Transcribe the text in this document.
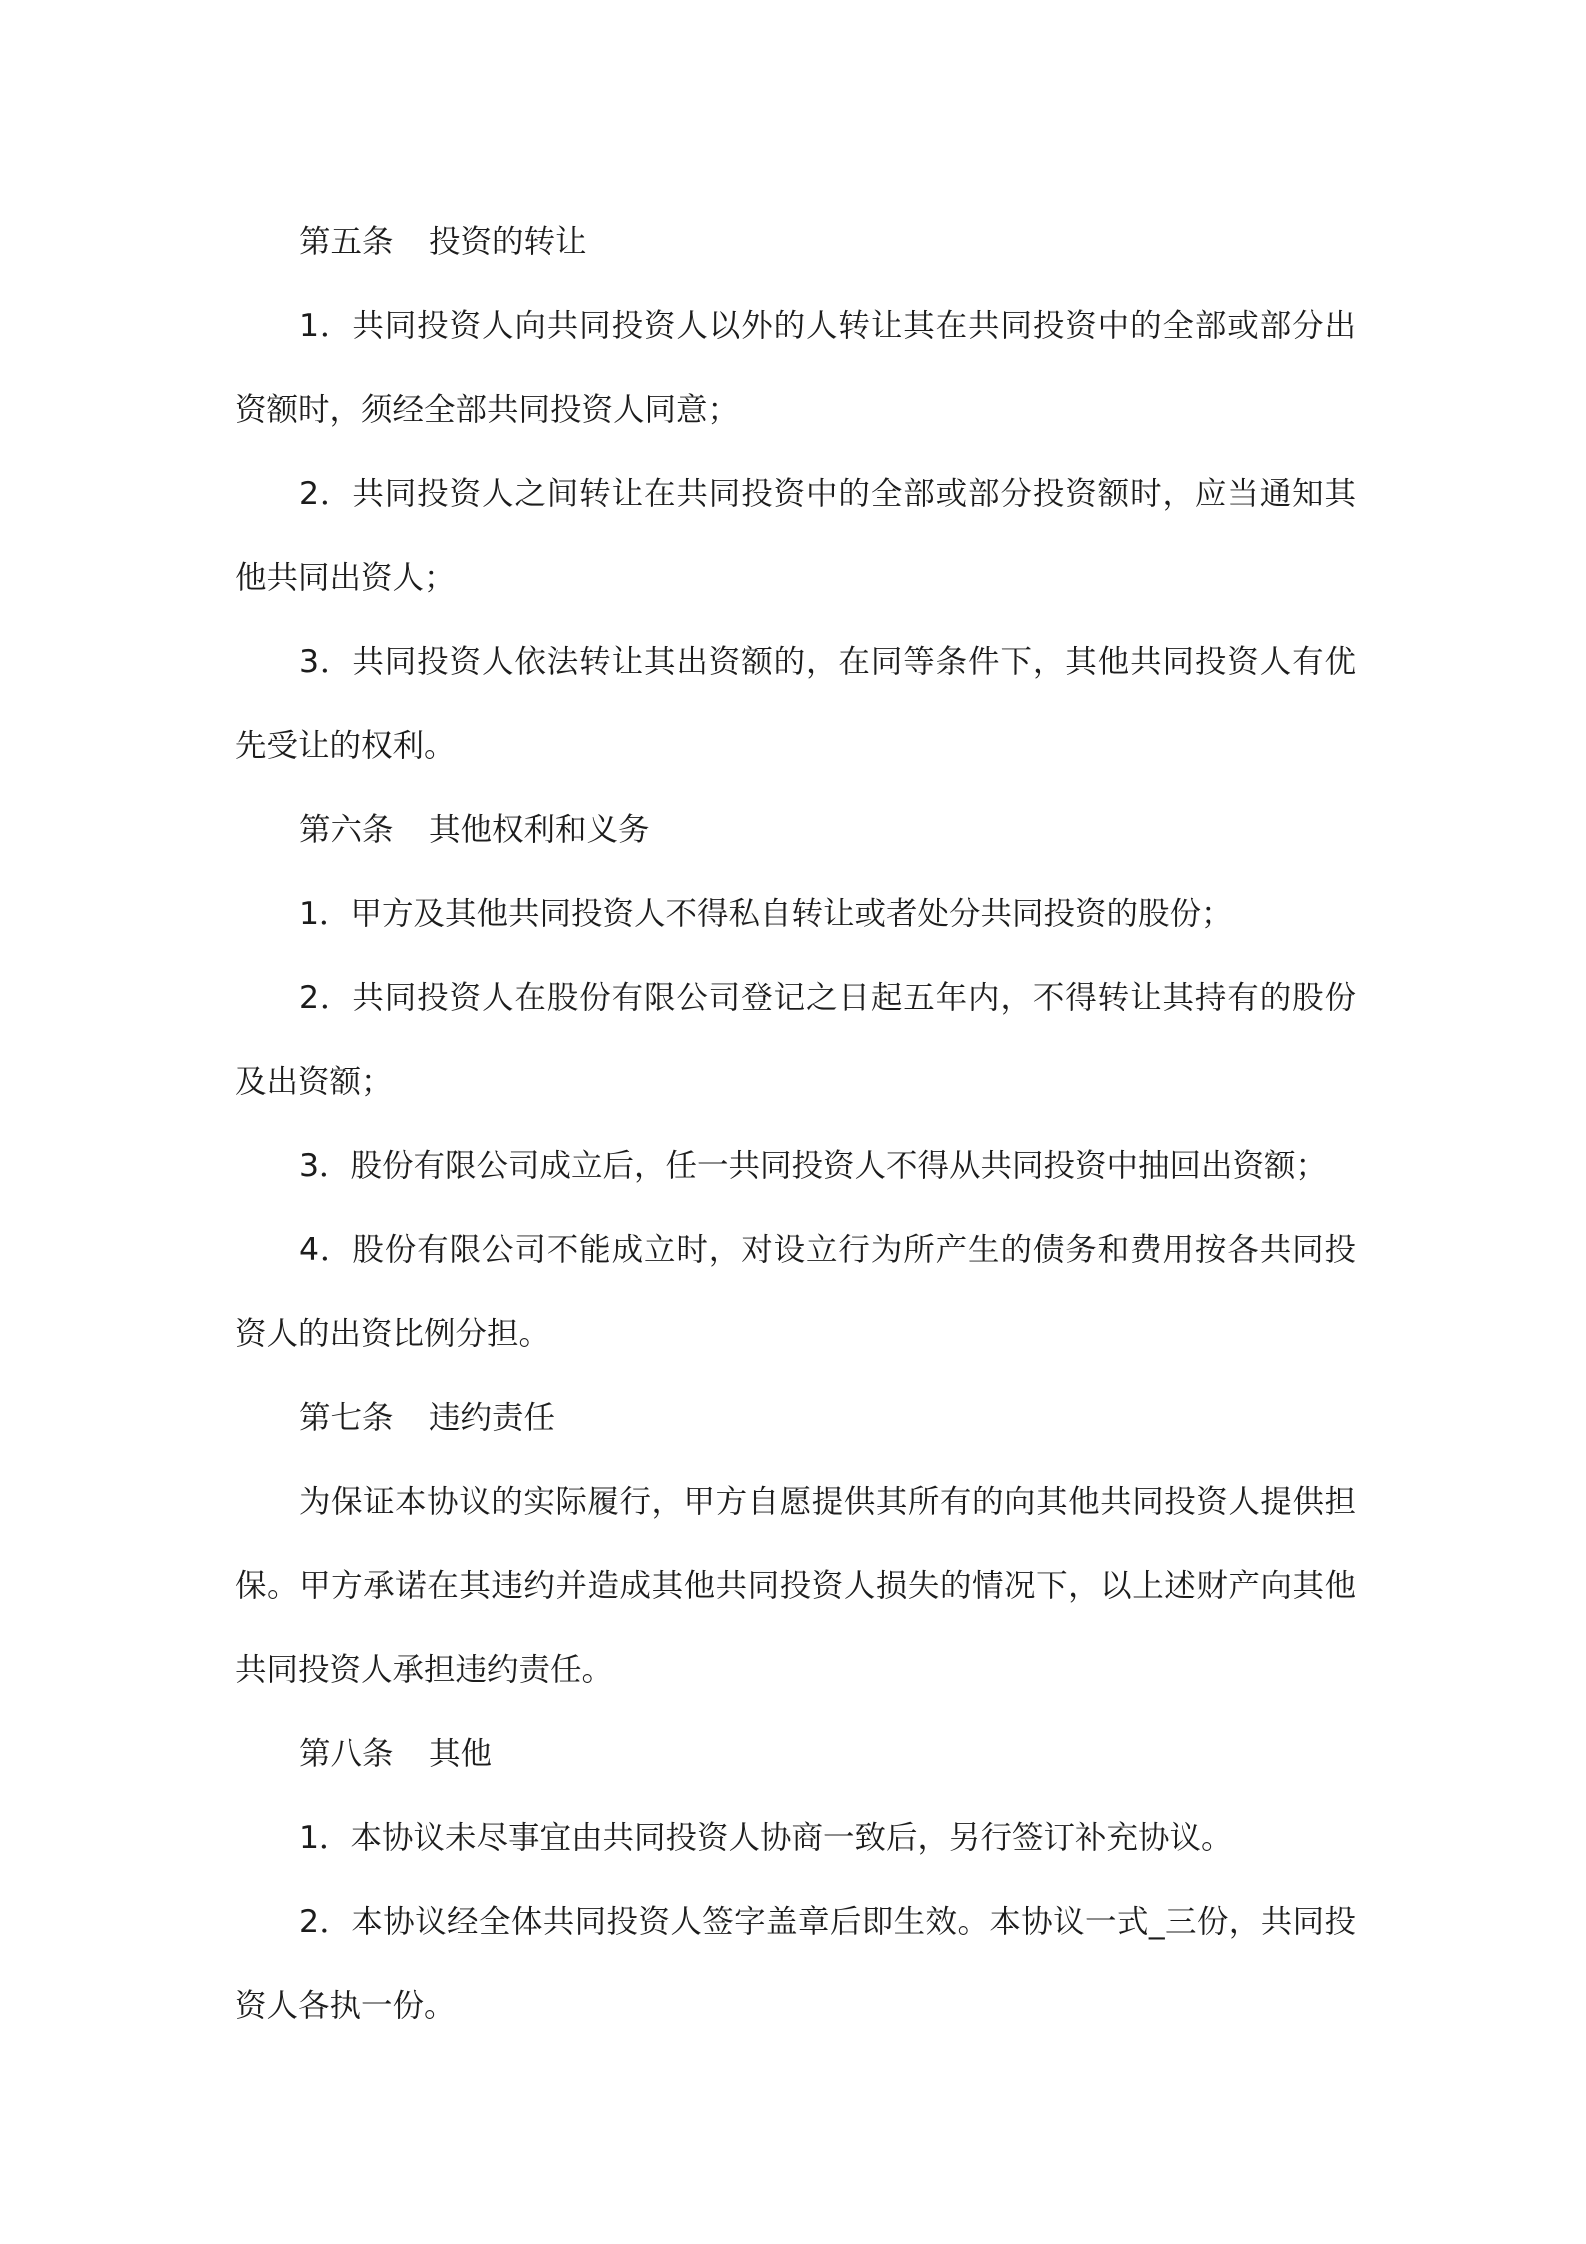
第五条 投资的转让

1．共同投资人向共同投资人以外的人转让其在共同投资中的全部或部分出资额时，须经全部共同投资人同意；

2．共同投资人之间转让在共同投资中的全部或部分投资额时，应当通知其他共同出资人；

3．共同投资人依法转让其出资额的，在同等条件下，其他共同投资人有优先受让的权利。

第六条 其他权利和义务

1．甲方及其他共同投资人不得私自转让或者处分共同投资的股份；

2．共同投资人在股份有限公司登记之日起五年内，不得转让其持有的股份及出资额；

3．股份有限公司成立后，任一共同投资人不得从共同投资中抽回出资额；

4．股份有限公司不能成立时，对设立行为所产生的债务和费用按各共同投资人的出资比例分担。

第七条 违约责任

为保证本协议的实际履行，甲方自愿提供其所有的向其他共同投资人提供担保。甲方承诺在其违约并造成其他共同投资人损失的情况下，以上述财产向其他共同投资人承担违约责任。

第八条 其他

1．本协议未尽事宜由共同投资人协商一致后，另行签订补充协议。

2．本协议经全体共同投资人签字盖章后即生效。本协议一式_三份，共同投资人各执一份。
